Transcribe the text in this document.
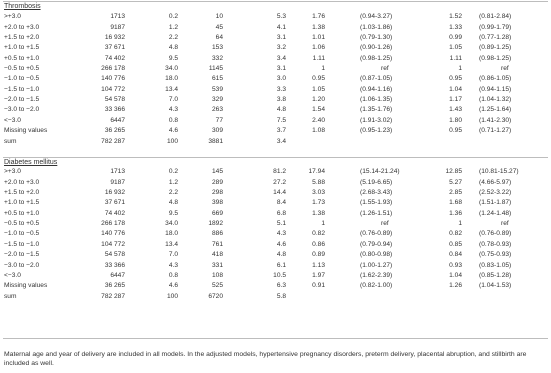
Thrombosis
>+3.0	1713	0.2	10	5.3	1.76	(0.94-3.27)	1.52	(0.81-2.84)
+2.0 to +3.0	9187	1.2	45	4.1	1.38	(1.03-1.86)	1.33	(0.99-1.79)
+1.5 to +2.0	16 932	2.2	64	3.1	1.01	(0.79-1.30)	0.99	(0.77-1.28)
+1.0 to +1.5	37 671	4.8	153	3.2	1.06	(0.90-1.26)	1.05	(0.89-1.25)
+0.5 to +1.0	74 402	9.5	332	3.4	1.11	(0.98-1.25)	1.11	(0.98-1.25)
−0.5 to +0.5	266 178	34.0	1145	3.1	1	ref	1	ref
−1.0 to −0.5	140 776	18.0	615	3.0	0.95	(0.87-1.05)	0.95	(0.86-1.05)
−1.5 to −1.0	104 772	13.4	539	3.3	1.05	(0.94-1.16)	1.04	(0.94-1.15)
−2.0 to −1.5	54 578	7.0	329	3.8	1.20	(1.06-1.35)	1.17	(1.04-1.32)
−3.0 to −2.0	33 366	4.3	263	4.8	1.54	(1.35-1.76)	1.43	(1.25-1.64)
<−3.0	6447	0.8	77	7.5	2.40	(1.91-3.02)	1.80	(1.41-2.30)
Missing values	36 265	4.6	309	3.7	1.08	(0.95-1.23)	0.95	(0.71-1.27)
sum	782 287	100	3881	3.4
Diabetes mellitus
>+3.0	1713	0.2	145	81.2	17.94	(15.14-21.24)	12.85	(10.81-15.27)
+2.0 to +3.0	9187	1.2	289	27.2	5.88	(5.19-6.65)	5.27	(4.66-5.97)
+1.5 to +2.0	16 932	2.2	298	14.4	3.03	(2.68-3.43)	2.85	(2.52-3.22)
+1.0 to +1.5	37 671	4.8	398	8.4	1.73	(1.55-1.93)	1.68	(1.51-1.87)
+0.5 to +1.0	74 402	9.5	669	6.8	1.38	(1.26-1.51)	1.36	(1.24-1.48)
−0.5 to +0.5	266 178	34.0	1892	5.1	1	ref	1	ref
−1.0 to −0.5	140 776	18.0	886	4.3	0.82	(0.76-0.89)	0.82	(0.76-0.89)
−1.5 to −1.0	104 772	13.4	761	4.6	0.86	(0.79-0.94)	0.85	(0.78-0.93)
−2.0 to −1.5	54 578	7.0	418	4.8	0.89	(0.80-0.98)	0.84	(0.75-0.93)
−3.0 to −2.0	33 366	4.3	331	6.1	1.13	(1.00-1.27)	0.93	(0.83-1.05)
<−3.0	6447	0.8	108	10.5	1.97	(1.62-2.39)	1.04	(0.85-1.28)
Missing values	36 265	4.6	525	6.3	0.91	(0.82-1.00)	1.26	(1.04-1.53)
sum	782 287	100	6720	5.8
Maternal age and year of delivery are included in all models. In the adjusted models, hypertensive pregnancy disorders, preterm delivery, placental abruption, and stillbirth are included as well.
